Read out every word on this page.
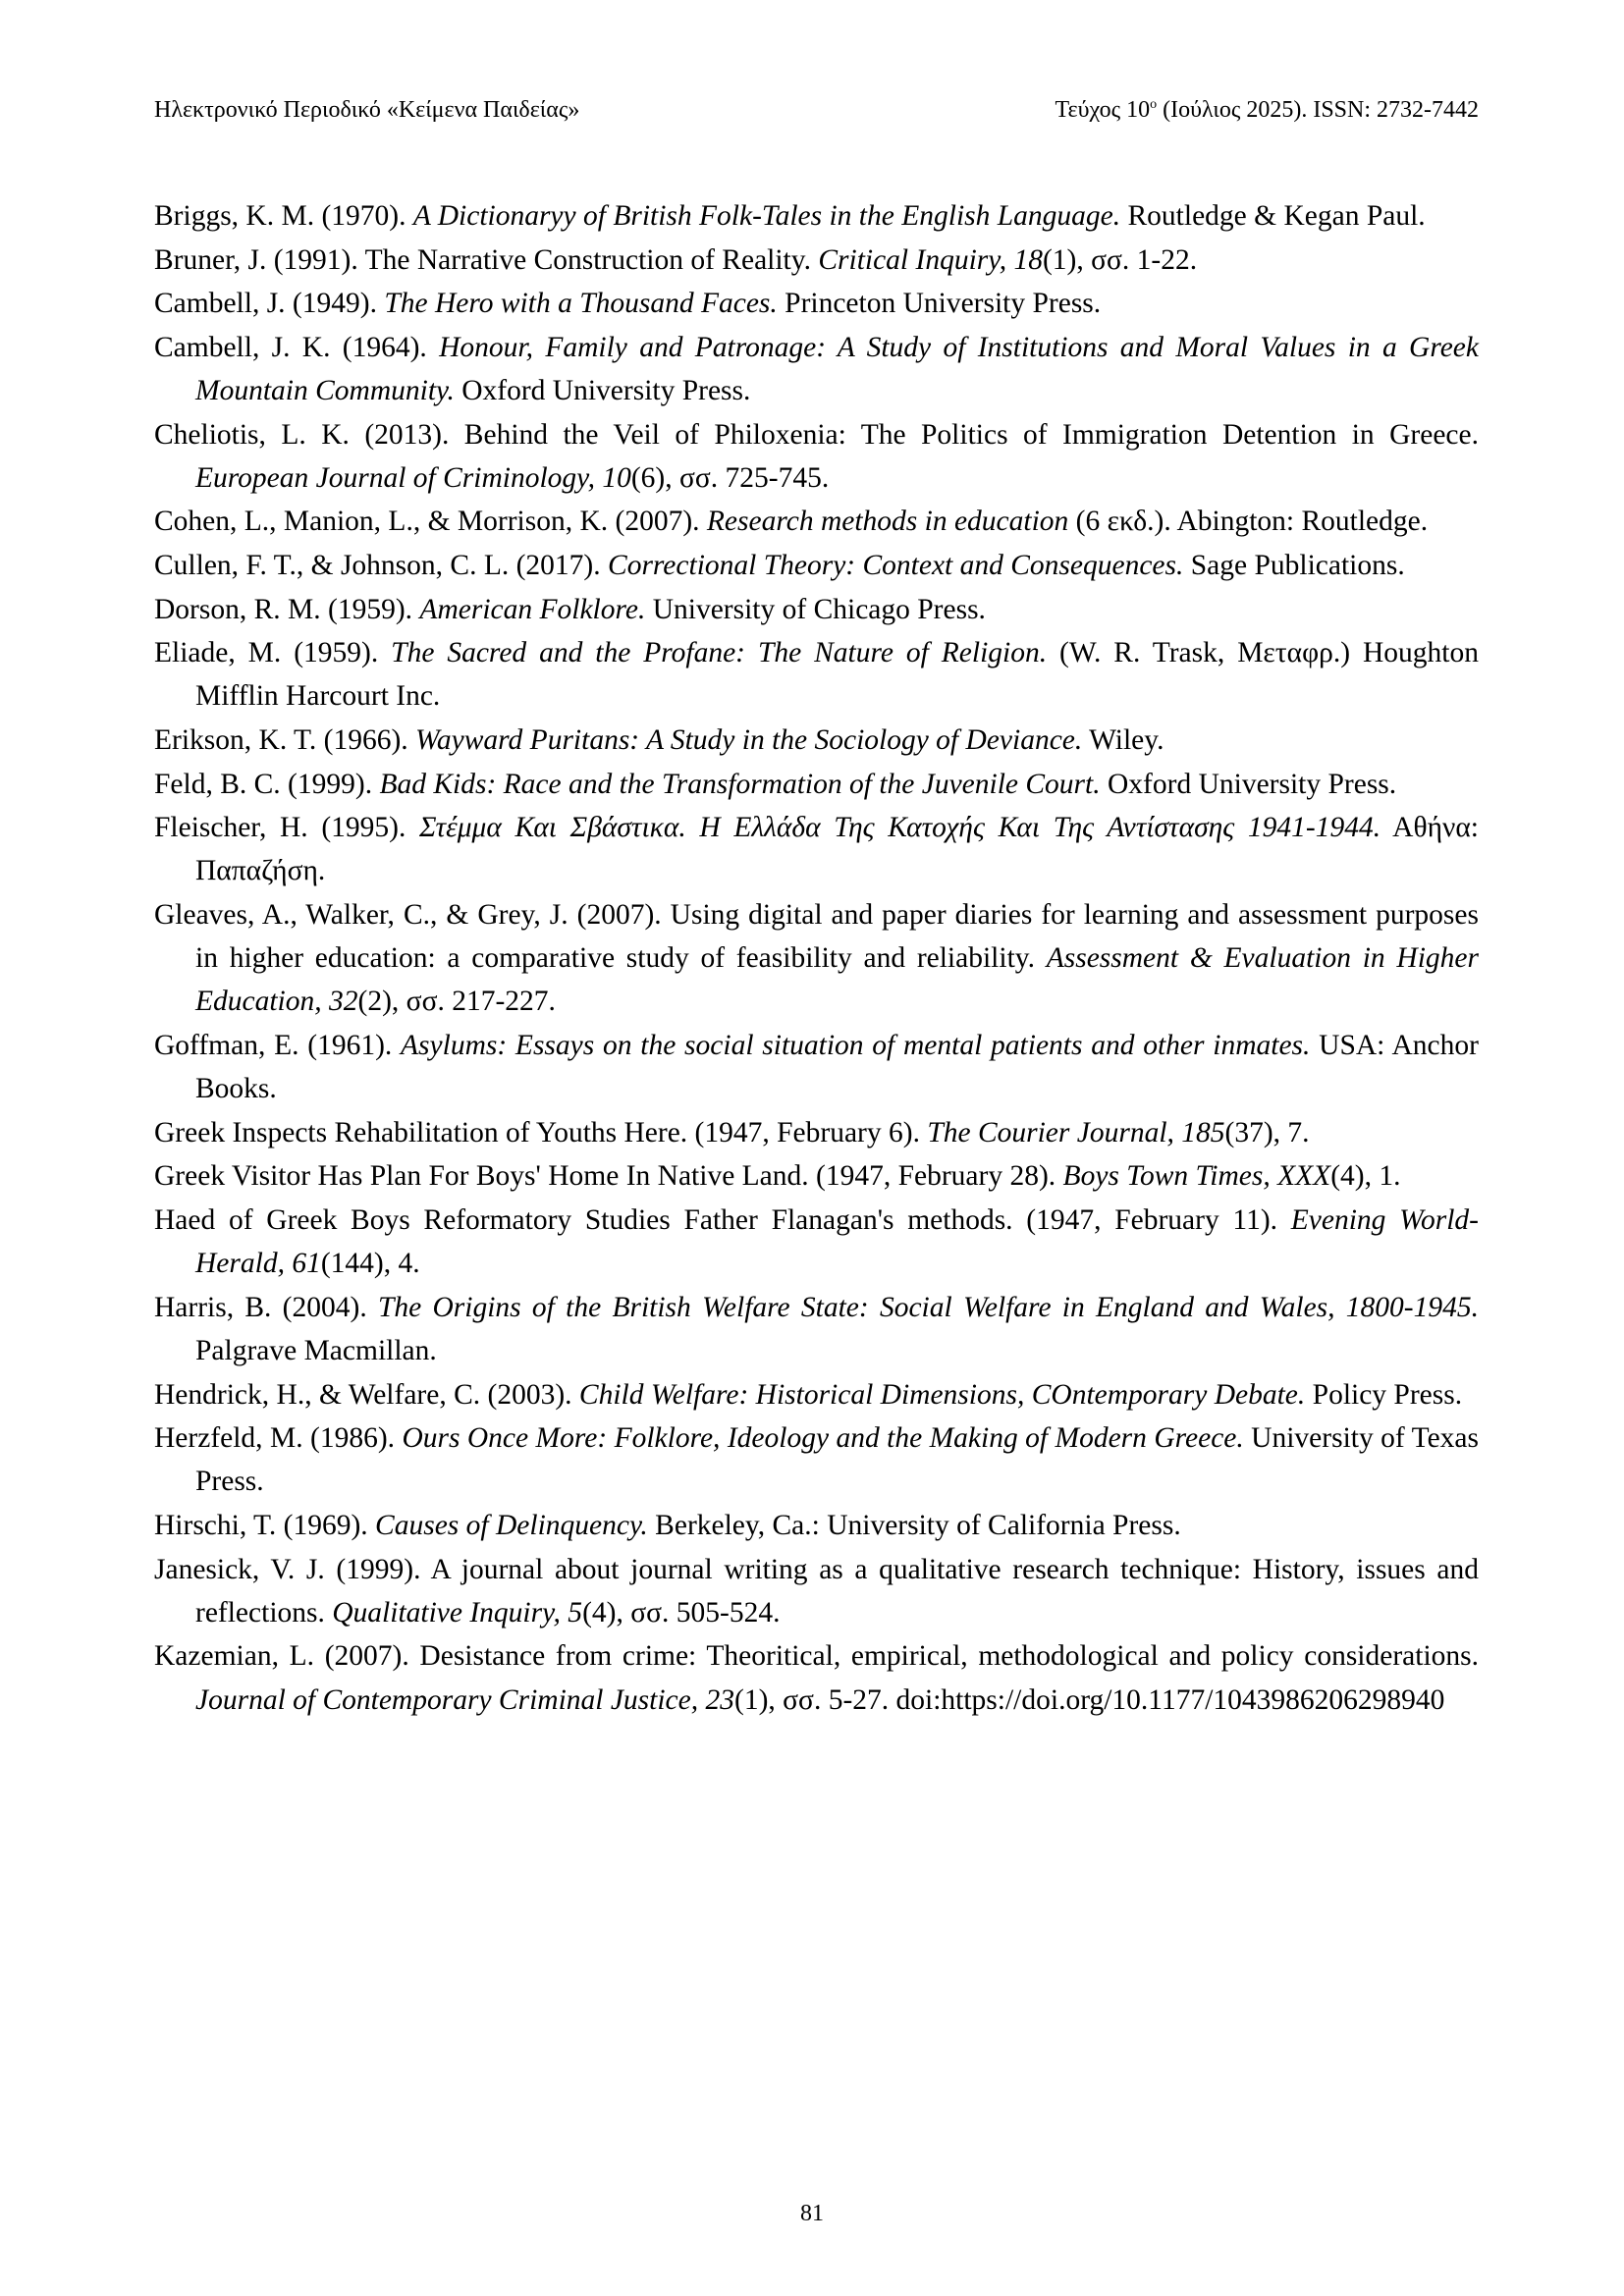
Ηλεκτρονικό Περιοδικό «Κείμενα Παιδείας»	Τεύχος $10^o$ (Ιούλιος 2025). ISSN: 2732-7442
Briggs, K. M. (1970). A Dictionaryy of British Folk-Tales in the English Language. Routledge & Kegan Paul.
Bruner, J. (1991). The Narrative Construction of Reality. Critical Inquiry, 18(1), σσ. 1-22.
Cambell, J. (1949). The Hero with a Thousand Faces. Princeton University Press.
Cambell, J. K. (1964). Honour, Family and Patronage: A Study of Institutions and Moral Values in a Greek Mountain Community. Oxford University Press.
Cheliotis, L. K. (2013). Behind the Veil of Philoxenia: The Politics of Immigration Detention in Greece. European Journal of Criminology, 10(6), σσ. 725-745.
Cohen, L., Manion, L., & Morrison, K. (2007). Research methods in education (6 εκδ.). Abington: Routledge.
Cullen, F. T., & Johnson, C. L. (2017). Correctional Theory: Context and Consequences. Sage Publications.
Dorson, R. M. (1959). American Folklore. University of Chicago Press.
Eliade, M. (1959). The Sacred and the Profane: The Nature of Religion. (W. R. Trask, Μεταφρ.) Houghton Mifflin Harcourt Inc.
Erikson, K. T. (1966). Wayward Puritans: A Study in the Sociology of Deviance. Wiley.
Feld, B. C. (1999). Bad Kids: Race and the Transformation of the Juvenile Court. Oxford University Press.
Fleischer, H. (1995). Στέμμα Και Σβάστικα. Η Ελλάδα Της Κατοχής Και Της Αντίστασης 1941-1944. Αθήνα: Παπαζήση.
Gleaves, A., Walker, C., & Grey, J. (2007). Using digital and paper diaries for learning and assessment purposes in higher education: a comparative study of feasibility and reliability. Assessment & Evaluation in Higher Education, 32(2), σσ. 217-227.
Goffman, E. (1961). Asylums: Essays on the social situation of mental patients and other inmates. USA: Anchor Books.
Greek Inspects Rehabilitation of Youths Here. (1947, February 6). The Courier Journal, 185(37), 7.
Greek Visitor Has Plan For Boys' Home In Native Land. (1947, February 28). Boys Town Times, XXX(4), 1.
Haed of Greek Boys Reformatory Studies Father Flanagan's methods. (1947, February 11). Evening World-Herald, 61(144), 4.
Harris, B. (2004). The Origins of the British Welfare State: Social Welfare in England and Wales, 1800-1945. Palgrave Macmillan.
Hendrick, H., & Welfare, C. (2003). Child Welfare: Historical Dimensions, COntemporary Debate. Policy Press.
Herzfeld, M. (1986). Ours Once More: Folklore, Ideology and the Making of Modern Greece. University of Texas Press.
Hirschi, T. (1969). Causes of Delinquency. Berkeley, Ca.: University of California Press.
Janesick, V. J. (1999). A journal about journal writing as a qualitative research technique: History, issues and reflections. Qualitative Inquiry, 5(4), σσ. 505-524.
Kazemian, L. (2007). Desistance from crime: Theoritical, empirical, methodological and policy considerations. Journal of Contemporary Criminal Justice, 23(1), σσ. 5-27. doi:https://doi.org/10.1177/1043986206298940
81
